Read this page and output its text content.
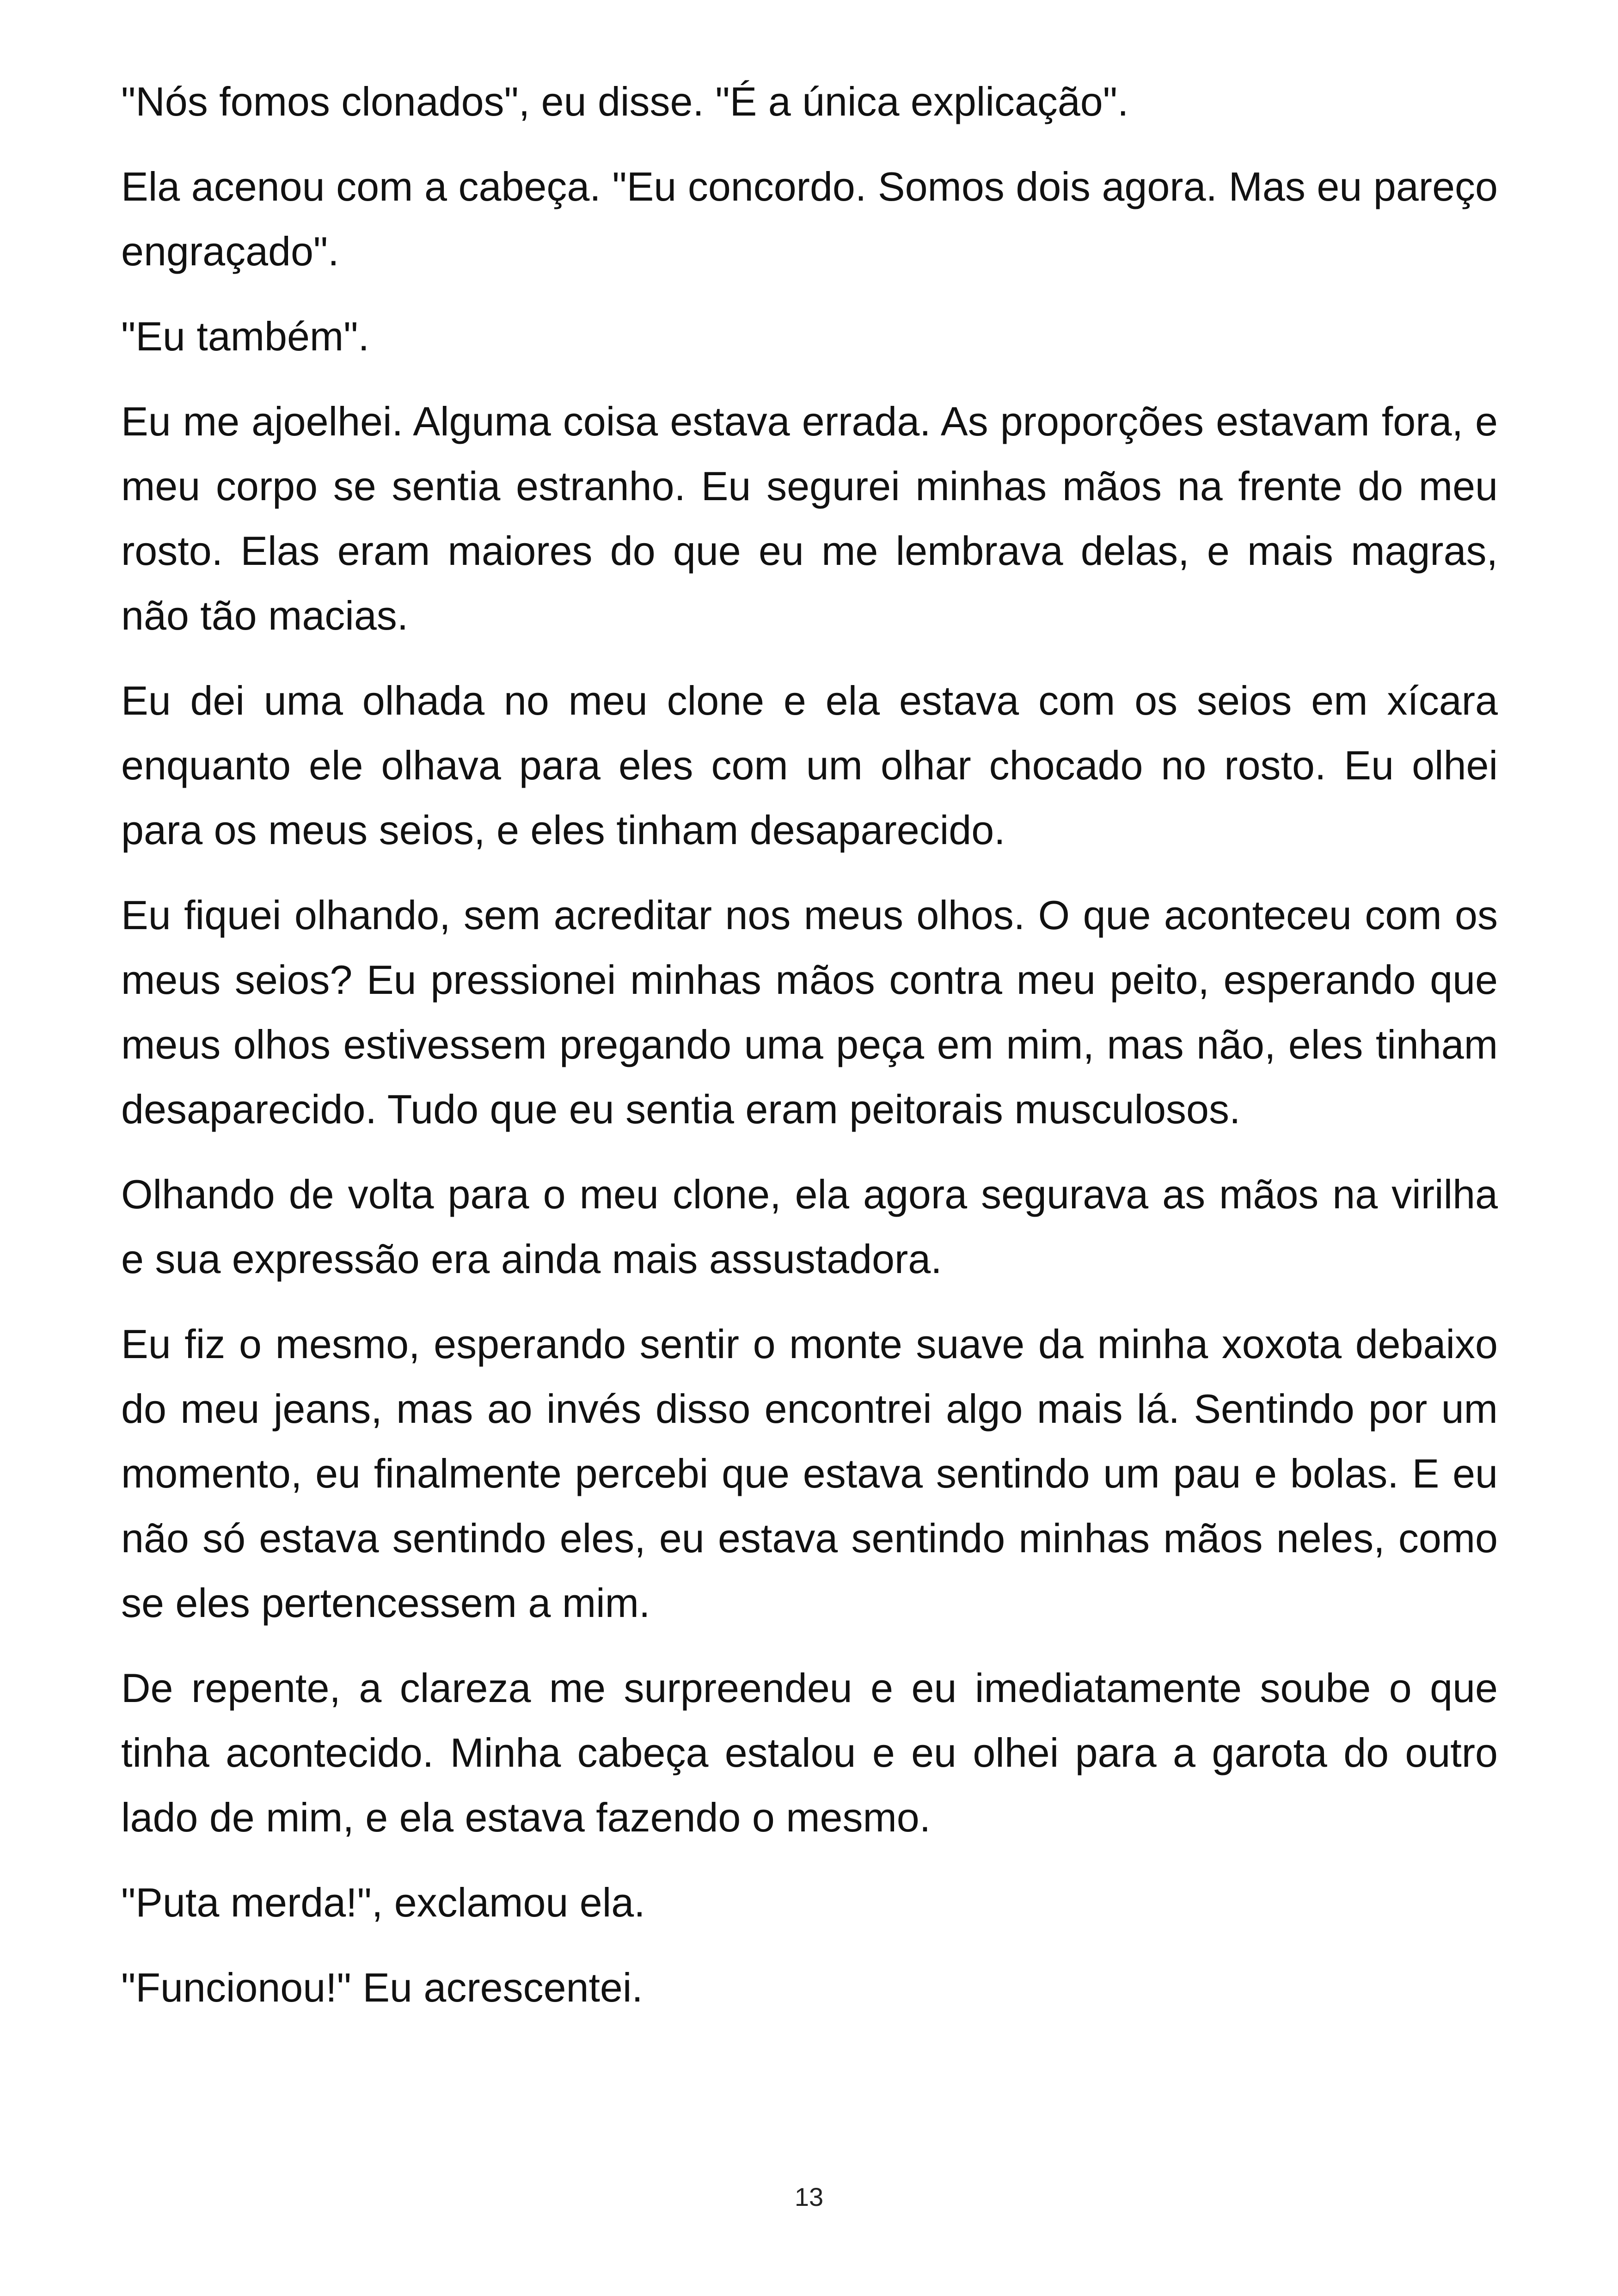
"Nós fomos clonados", eu disse. "É a única explicação".

Ela acenou com a cabeça. "Eu concordo. Somos dois agora. Mas eu pareço engraçado".

"Eu também".

Eu me ajoelhei. Alguma coisa estava errada. As proporções estavam fora, e meu corpo se sentia estranho. Eu segurei minhas mãos na frente do meu rosto. Elas eram maiores do que eu me lembrava delas, e mais magras, não tão macias.

Eu dei uma olhada no meu clone e ela estava com os seios em xícara enquanto ele olhava para eles com um olhar chocado no rosto. Eu olhei para os meus seios, e eles tinham desaparecido.

Eu fiquei olhando, sem acreditar nos meus olhos. O que aconteceu com os meus seios? Eu pressionei minhas mãos contra meu peito, esperando que meus olhos estivessem pregando uma peça em mim, mas não, eles tinham desaparecido. Tudo que eu sentia eram peitorais musculosos.

Olhando de volta para o meu clone, ela agora segurava as mãos na virilha e sua expressão era ainda mais assustadora.

Eu fiz o mesmo, esperando sentir o monte suave da minha xoxota debaixo do meu jeans, mas ao invés disso encontrei algo mais lá. Sentindo por um momento, eu finalmente percebi que estava sentindo um pau e bolas. E eu não só estava sentindo eles, eu estava sentindo minhas mãos neles, como se eles pertencessem a mim.

De repente, a clareza me surpreendeu e eu imediatamente soube o que tinha acontecido. Minha cabeça estalou e eu olhei para a garota do outro lado de mim, e ela estava fazendo o mesmo.

"Puta merda!", exclamou ela.

"Funcionou!" Eu acrescentei.

13
